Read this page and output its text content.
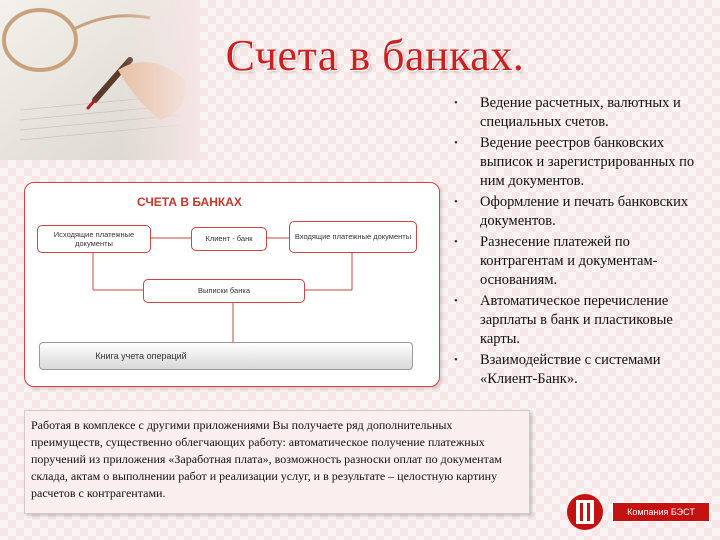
Счета в банках.
СЧЕТА В БАНКАХ
Исходящие платежные документы
Клиент - банк	Входящие платежные документы
Выписки банка
Книга учета операций
• Ведение расчетных, валютных и специальных счетов.
• Ведение реестров банковских выписок и зарегистрированных по ним документов.
• Оформление и печать банковских документов.
• Разнесение платежей по контрагентам и документам-основаниям.
• Автоматическое перечисление зарплаты в банк и пластиковые карты.
• Взаимодействие с системами «Клиент-Банк».
Работая в комплексе с другими приложениями Вы получаете ряд дополнительных преимуществ, существенно облегчающих работу: автоматическое получение платежных поручений из приложения «Заработная плата», возможность разноски оплат по документам склада, актам о выполнении работ и реализации услуг, и в результате – целостную картину расчетов с контрагентами.
Компания БЭСТ
